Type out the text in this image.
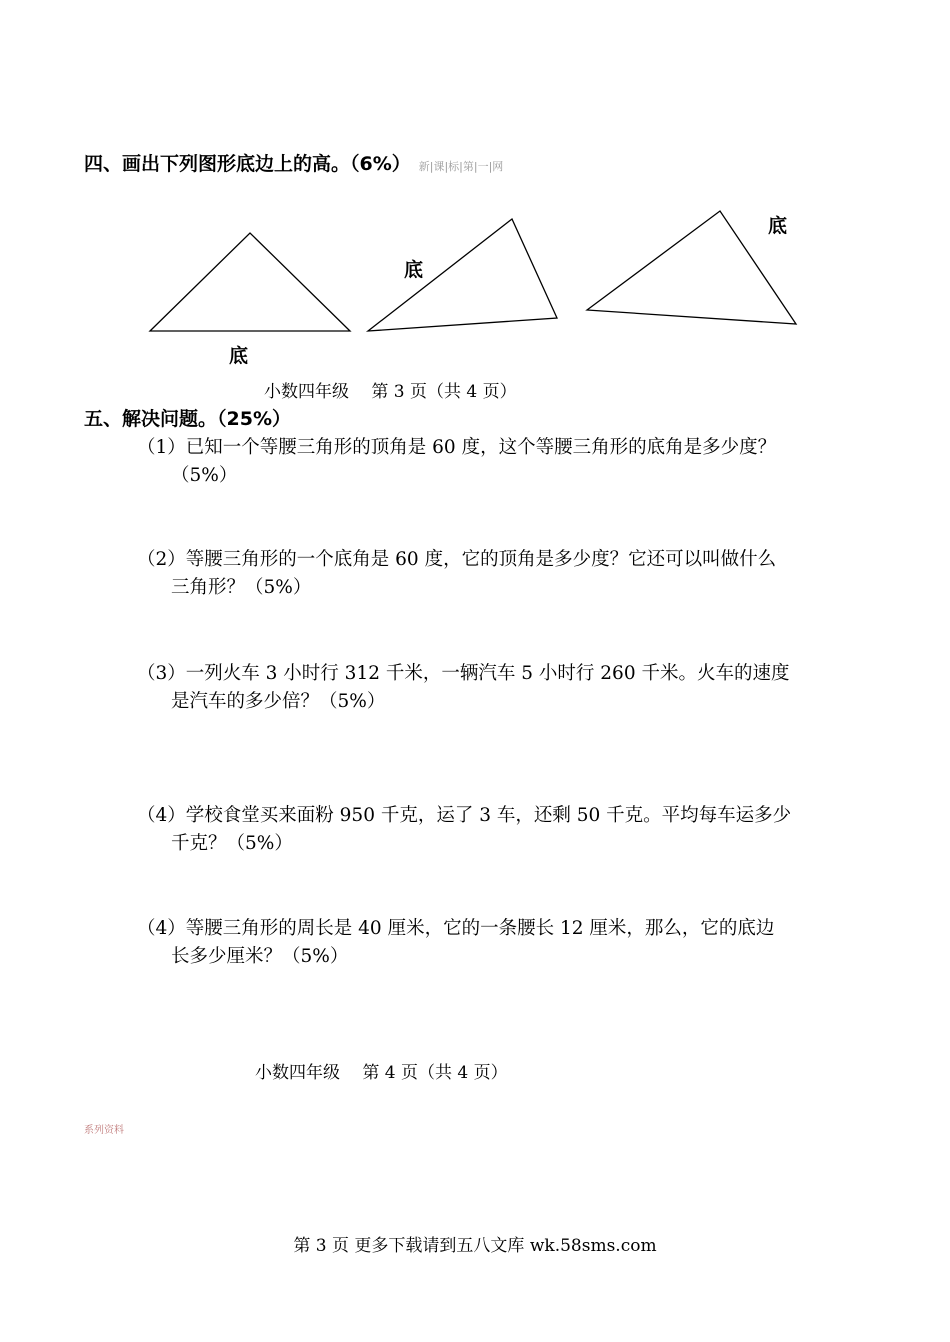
四、画出下列图形底边上的高。（6%） 新|课|标|第|一|网
底
底
底
小数四年级　 第 3 页（共 4 页）
五、解决问题。（25%）
（1）已知一个等腰三角形的顶角是 60 度，这个等腰三角形的底角是多少度？
（5%）
（2）等腰三角形的一个底角是 60 度，它的顶角是多少度？它还可以叫做什么
三角形？（5%）
（3）一列火车 3 小时行 312 千米，一辆汽车 5 小时行 260 千米。火车的速度
是汽车的多少倍？（5%）
（4）学校食堂买来面粉 950 千克，运了 3 车，还剩 50 千克。平均每车运多少
千克？（5%）
（4）等腰三角形的周长是 40 厘米，它的一条腰长 12 厘米，那么，它的底边
长多少厘米？（5%）
小数四年级　 第 4 页（共 4 页）
系列资料
第 3 页 更多下载请到五八文库 wk.58sms.com
